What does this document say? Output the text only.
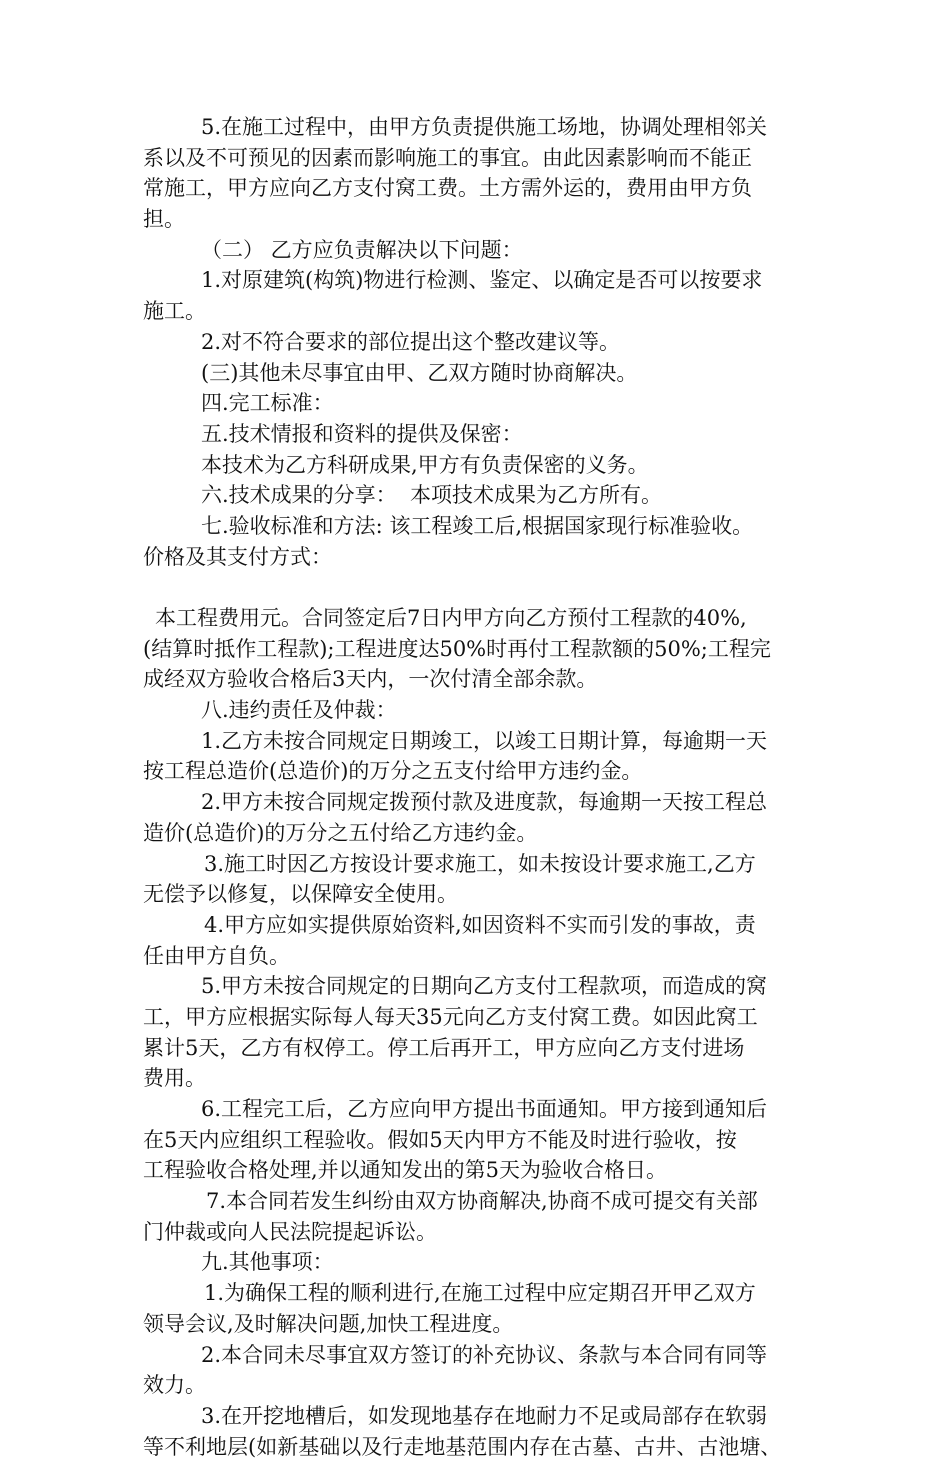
5.在施工过程中，由甲方负责提供施工场地，协调处理相邻关
系以及不可预见的因素而影响施工的事宜。由此因素影响而不能正
常施工，甲方应向乙方支付窝工费。土方需外运的，费用由甲方负
担。
（二） 乙方应负责解决以下问题：
1.对原建筑(构筑)物进行检测、鉴定、以确定是否可以按要求
施工。
2.对不符合要求的部位提出这个整改建议等。
(三)其他未尽事宜由甲、乙双方随时协商解决。
四.完工标准：
五.技术情报和资料的提供及保密：
本技术为乙方科研成果,甲方有负责保密的义务。
六.技术成果的分享：  本项技术成果为乙方所有。
七.验收标准和方法: 该工程竣工后,根据国家现行标准验收。
价格及其支付方式：
本工程费用元。合同签定后7日内甲方向乙方预付工程款的40%,
(结算时抵作工程款);工程进度达50%时再付工程款额的50%;工程完
成经双方验收合格后3天内，一次付清全部余款。
八.违约责任及仲裁：
1.乙方未按合同规定日期竣工，以竣工日期计算，每逾期一天
按工程总造价(总造价)的万分之五支付给甲方违约金。
2.甲方未按合同规定拨预付款及进度款，每逾期一天按工程总
造价(总造价)的万分之五付给乙方违约金。
3.施工时因乙方按设计要求施工，如未按设计要求施工,乙方
无偿予以修复，以保障安全使用。
4.甲方应如实提供原始资料,如因资料不实而引发的事故，责
任由甲方自负。
5.甲方未按合同规定的日期向乙方支付工程款项，而造成的窝
工，甲方应根据实际每人每天35元向乙方支付窝工费。如因此窝工
累计5天，乙方有权停工。停工后再开工，甲方应向乙方支付进场
费用。
6.工程完工后，乙方应向甲方提出书面通知。甲方接到通知后
在5天内应组织工程验收。假如5天内甲方不能及时进行验收，按
工程验收合格处理,并以通知发出的第5天为验收合格日。
7.本合同若发生纠纷由双方协商解决,协商不成可提交有关部
门仲裁或向人民法院提起诉讼。
九.其他事项：
1.为确保工程的顺利进行,在施工过程中应定期召开甲乙双方
领导会议,及时解决问题,加快工程进度。
2.本合同未尽事宜双方签订的补充协议、条款与本合同有同等
效力。
3.在开挖地槽后，如发现地基存在地耐力不足或局部存在软弱
等不利地层(如新基础以及行走地基范围内存在古墓、古井、古池塘、
